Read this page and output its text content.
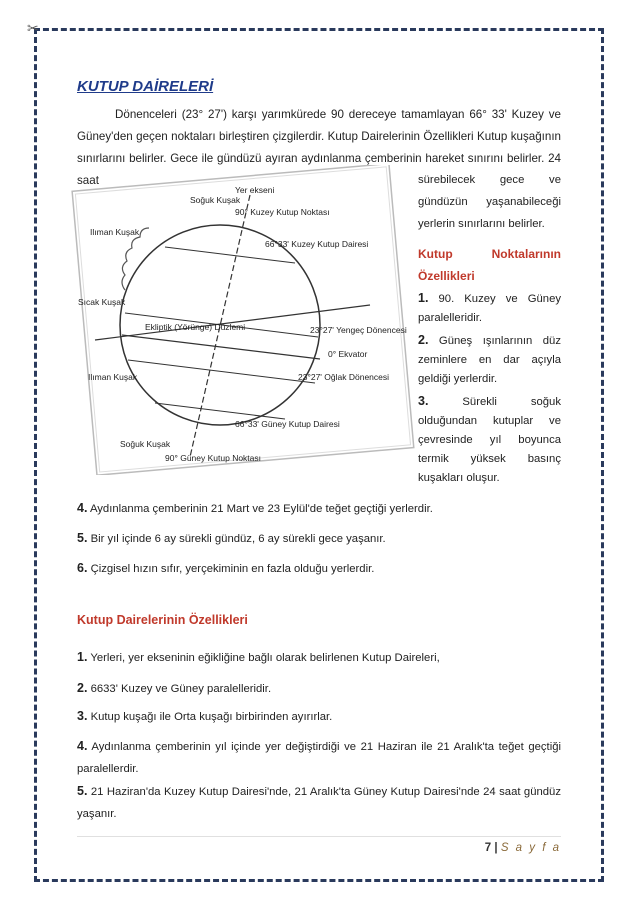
✂
KUTUP DAİRELERİ
Dönenceleri (23° 27') karşı yarımkürede 90 dereceye tamamlayan 66° 33' Kuzey ve Güney'den geçen noktaları birleştiren çizgilerdir. Kutup Dairelerinin Özellikleri Kutup kuşağının sınırlarını belirler. Gece ile gündüzü ayıran aydınlanma çemberinin hareket sınırını belirler. 24 saat
Yer ekseni
Soğuk Kuşak
90° Kuzey Kutup Noktası
66°33' Kuzey Kutup Dairesi
Ilıman Kuşak
Sıcak Kuşak
Ekliptik (Yörünge) Düzlemi	23°27' Yengeç Dönencesi
0° Ekvator
23°27' Oğlak Dönencesi
Ilıman Kuşak
Soğuk Kuşak
66°33' Güney Kutup Dairesi
90° Güney Kutup Noktası
sürebilecek gece ve gündüzün yaşanabileceği yerlerin sınırlarını belirler.
Kutup Noktalarının Özellikleri
1. 90. Kuzey ve Güney paralelleridir.
2. Güneş ışınlarının düz zeminlere en dar açıyla geldiği yerlerdir.
3.	Sürekli soğuk olduğundan kutuplar ve çevresinde yıl boyunca termik yüksek basınç kuşakları oluşur.
4. Aydınlanma çemberinin 21 Mart ve 23 Eylül'de teğet geçtiği yerlerdir.
5. Bir yıl içinde 6 ay sürekli gündüz, 6 ay sürekli gece yaşanır.
6. Çizgisel hızın sıfır, yerçekiminin en fazla olduğu yerlerdir.
Kutup Dairelerinin Özellikleri
1. Yerleri, yer ekseninin eğikliğine bağlı olarak belirlenen Kutup Daireleri,
2. 6633' Kuzey ve Güney paralelleridir.
3. Kutup kuşağı ile Orta kuşağı birbirinden ayırırlar.
4. Aydınlanma çemberinin yıl içinde yer değiştirdiği ve 21 Haziran ile 21 Aralık'ta teğet geçtiği paralellerdir.
5. 21 Haziran'da Kuzey Kutup Dairesi'nde, 21 Aralık'ta Güney Kutup Dairesi'nde 24 saat gündüz yaşanır.
7 | S a y f a
